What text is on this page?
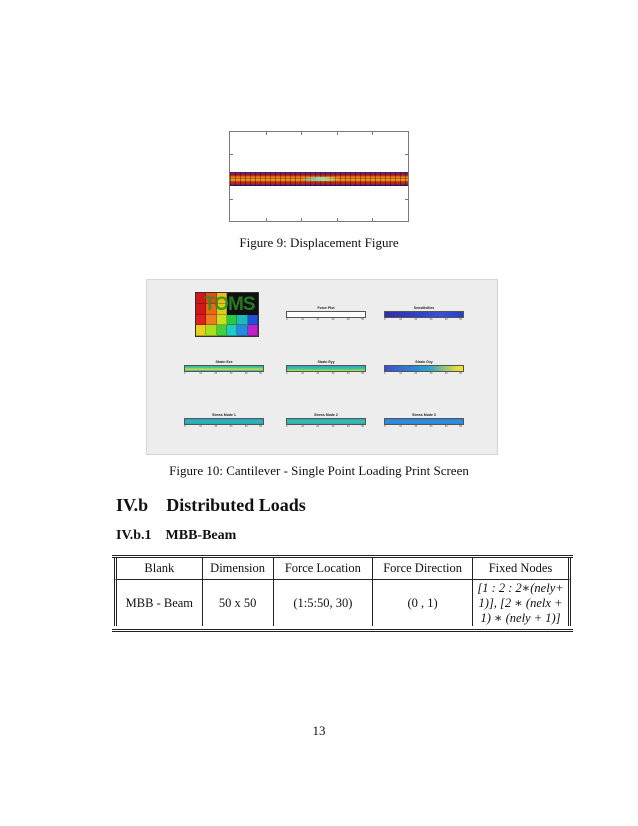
Figure 9: Displacement Figure
TOMS	Force Plot
0	10	20	30	40	50
Sensitivities
0	10	20	30	40	50
Strain Exx
0	10	20	30	40	50
Strain Eyy
0	10	20	30	40	50
Strain Gxy
0	10	20	30	40	50
Stress Mode 1
0	10	20	30	40	50
Stress Mode 2
0	10	20	30	40	50
Stress Mode 3
0	10	20	30	40	50
Figure 10: Cantilever - Single Point Loading Print Screen
IV.b    Distributed Loads
IV.b.1    MBB-Beam
Blank	Dimension	Force Location	Force Direction	Fixed Nodes
MBB - Beam	50 x 50	(1:5:50, 30)	(0 , 1)	[1 : 2 : 2∗(nely+
1)], [2 ∗ (nelx +
1) ∗ (nely + 1)]
13
